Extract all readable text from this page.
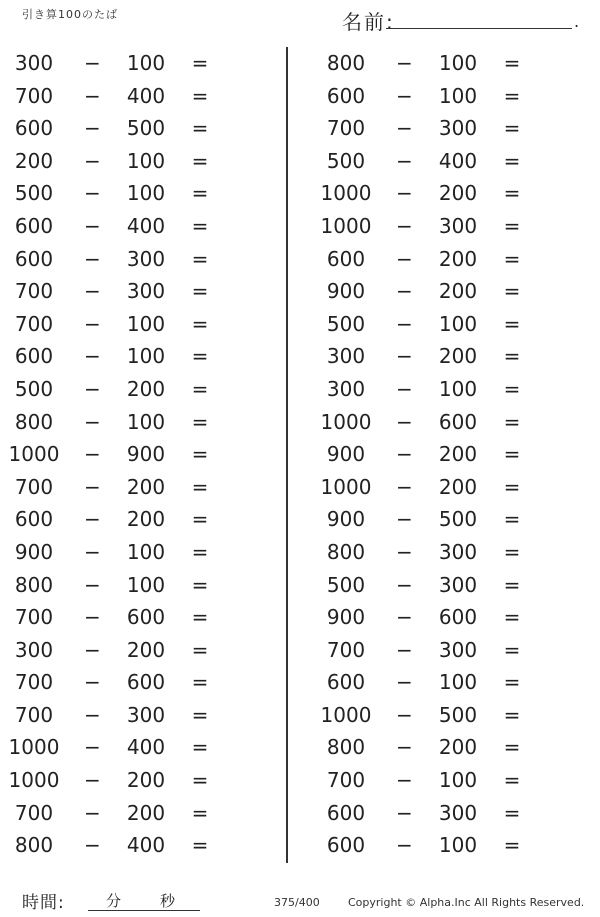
引き算100のたば	名前:	.
300	−	100	=
700	−	400	=
600	−	500	=
200	−	100	=
500	−	100	=
600	−	400	=
600	−	300	=
700	−	300	=
700	−	100	=
600	−	100	=
500	−	200	=
800	−	100	=
1000 −	900	=
700	−	200	=
600	−	200	=
900	−	100	=
800	−	100	=
700	−	600	=
300	−	200	=
700	−	600	=
700	−	300	=
1000 −	400	=
1000 −	200	=
700	−	200	=
800	−	400	=
800	−	100	=
600	−	100	=
700	−	300	=
500	−	400	=
1000 −	200	=
1000 −	300	=
600	−	200	=
900	−	200	=
500	−	100	=
300	−	200	=
300	−	100	=
1000 −	600	=
900	−	200	=
1000 −	200	=
900	−	500	=
800	−	300	=
500	−	300	=
900	−	600	=
700	−	300	=
600	−	100	=
1000 −	500	=
800	−	200	=
700	−	100	=
600	−	300	=
600	−	100	=
時間:	分	秒	375/400	Copyright © Alpha.Inc All Rights Reserved.
